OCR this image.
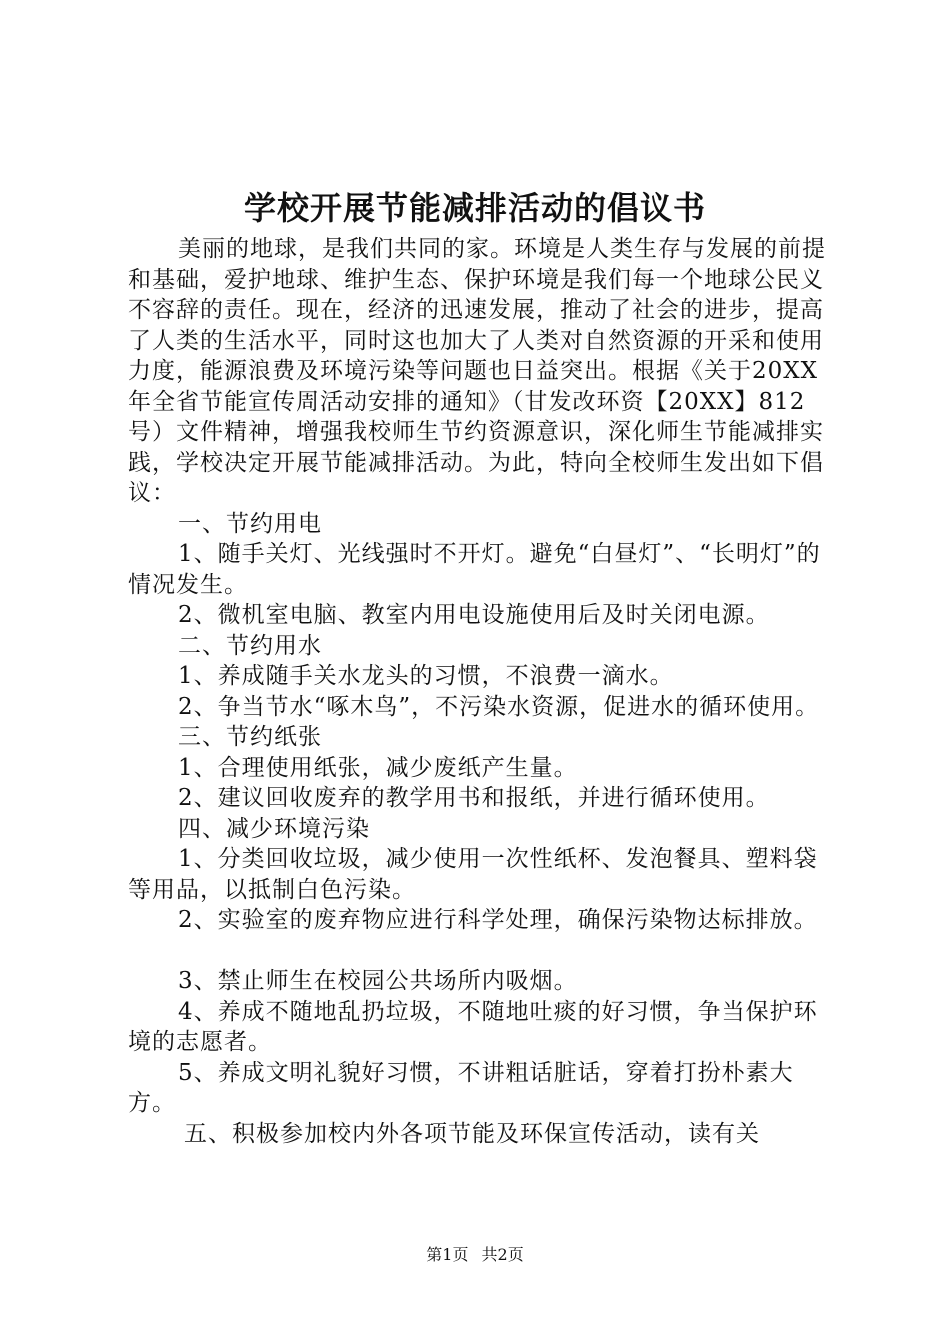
学校开展节能减排活动的倡议书

美丽的地球，是我们共同的家。环境是人类生存与发展的前提和基础，爱护地球、维护生态、保护环境是我们每一个地球公民义不容辞的责任。现在，经济的迅速发展，推动了社会的进步，提高了人类的生活水平，同时这也加大了人类对自然资源的开采和使用力度，能源浪费及环境污染等问题也日益突出。根据《关于20XX年全省节能宣传周活动安排的通知》（甘发改环资【20XX】812号）文件精神，增强我校师生节约资源意识，深化师生节能减排实践，学校决定开展节能减排活动。为此，特向全校师生发出如下倡议：

一、节约用电

1、随手关灯、光线强时不开灯。避免“白昼灯”、“长明灯”的情况发生。

2、微机室电脑、教室内用电设施使用后及时关闭电源。

二、节约用水

1、养成随手关水龙头的习惯，不浪费一滴水。

2、争当节水“啄木鸟”，不污染水资源，促进水的循环使用。

三、节约纸张

1、合理使用纸张，减少废纸产生量。

2、建议回收废弃的教学用书和报纸，并进行循环使用。

四、减少环境污染

1、分类回收垃圾，减少使用一次性纸杯、发泡餐具、塑料袋等用品，以抵制白色污染。

2、实验室的废弃物应进行科学处理，确保污染物达标排放。

3、禁止师生在校园公共场所内吸烟。

4、养成不随地乱扔垃圾，不随地吐痰的好习惯，争当保护环境的志愿者。

5、养成文明礼貌好习惯，不讲粗话脏话，穿着打扮朴素大方。

五、积极参加校内外各项节能及环保宣传活动，读有关

第1页 共2页
